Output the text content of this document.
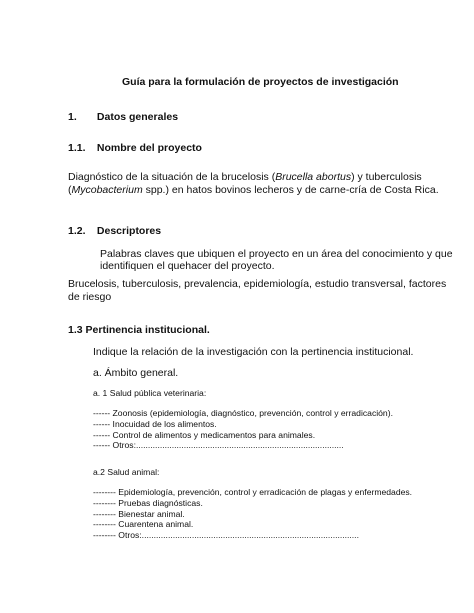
Guía para la formulación de proyectos de investigación
1. Datos generales
1.1. Nombre del proyecto
Diagnóstico de la situación de la brucelosis (Brucella abortus) y tuberculosis
(Mycobacterium spp.) en hatos bovinos lecheros y de carne-cría de Costa Rica.
1.2. Descriptores
Palabras claves que ubiquen el proyecto en un área del conocimiento y que
identifiquen el quehacer del proyecto.
Brucelosis, tuberculosis, prevalencia, epidemiología, estudio transversal, factores
de riesgo
1.3 Pertinencia institucional.
Indique la relación de la investigación con la pertinencia institucional.
a. Ámbito general.
a. 1 Salud pública veterinaria:
------ Zoonosis (epidemiología, diagnóstico, prevención, control y erradicación).
------ Inocuidad de los alimentos.
------ Control de alimentos y medicamentos para animales.
------ Otros:.......................................................................................
a.2 Salud animal:
-------- Epidemiología, prevención, control y erradicación de plagas y enfermedades.
-------- Pruebas diagnósticas.
-------- Bienestar animal.
-------- Cuarentena animal.
-------- Otros:...........................................................................................
